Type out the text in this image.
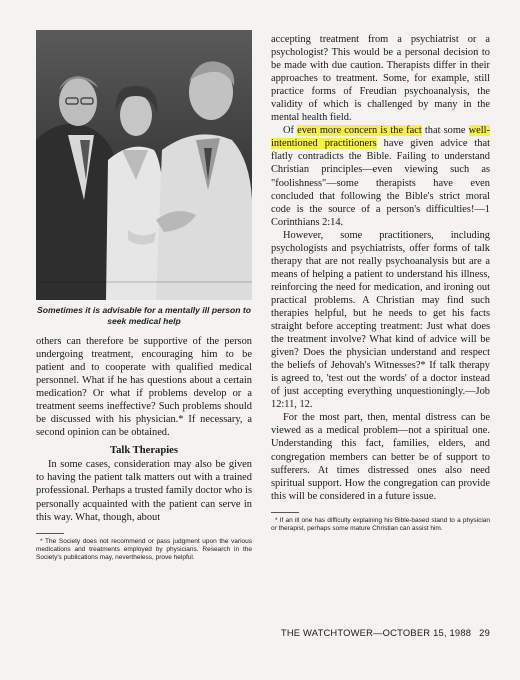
Sometimes it is advisable for a mentally ill person to seek medical help

others can therefore be supportive of the person undergoing treatment, encouraging him to be patient and to cooperate with qualified medical personnel. What if he has questions about a certain medication? Or what if problems develop or a treatment seems ineffective? Such problems should be discussed with his physician.* If necessary, a second opinion can be obtained.

Talk Therapies

In some cases, consideration may also be given to having the patient talk matters out with a trained professional. Perhaps a trusted family doctor who is personally acquainted with the patient can serve in this way. What, though, about

* The Society does not recommend or pass judgment upon the various medications and treatments employed by physicians. Research in the Society's publications may, nevertheless, prove helpful.

accepting treatment from a psychiatrist or a psychologist? This would be a personal decision to be made with due caution. Therapists differ in their approaches to treatment. Some, for example, still practice forms of Freudian psychoanalysis, the validity of which is challenged by many in the mental health field.

Of even more concern is the fact that some well-intentioned practitioners have given advice that flatly contradicts the Bible. Failing to understand Christian principles—even viewing such as "foolishness"—some therapists have even concluded that following the Bible's strict moral code is the source of a person's difficulties!—1 Corinthians 2:14.

However, some practitioners, including psychologists and psychiatrists, offer forms of talk therapy that are not really psychoanalysis but are a means of helping a patient to understand his illness, reinforcing the need for medication, and ironing out practical problems. A Christian may find such therapies helpful, but he needs to get his facts straight before accepting treatment: Just what does the treatment involve? What kind of advice will be given? Does the physician understand and respect the beliefs of Jehovah's Witnesses?* If talk therapy is agreed to, 'test out the words' of a doctor instead of just accepting everything unquestioningly.—Job 12:11, 12.

For the most part, then, mental distress can be viewed as a medical problem—not a spiritual one. Understanding this fact, families, elders, and congregation members can better be of support to sufferers. At times distressed ones also need spiritual support. How the congregation can provide this will be considered in a future issue.

* If an ill one has difficulty explaining his Bible-based stand to a physician or therapist, perhaps some mature Christian can assist him.

THE WATCHTOWER—OCTOBER 15, 1988 29
